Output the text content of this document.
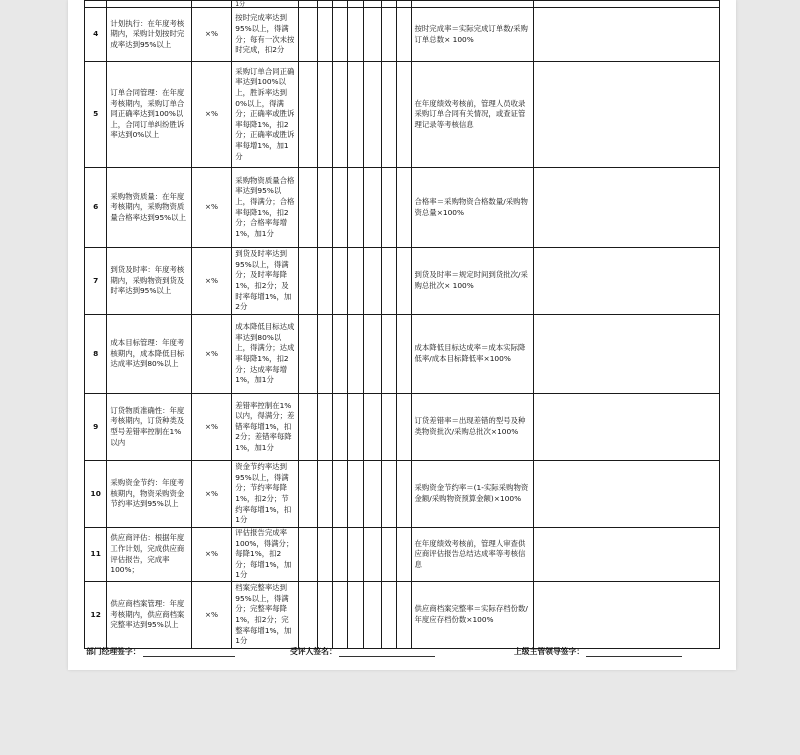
			1分									
4	计划执行：在年度考核期内，采购计划按时完成率达到95%以上	×%	按时完成率达到95%以上，得满分；每有一次未按时完成，扣2分								按时完成率＝实际完成订单数/采购订单总数× 100%	
5	订单合同管理：在年度考核期内，采购订单合同正确率达到100%以上，合同订单纠纷胜诉率达到0%以上	×%	采购订单合同正确率达到100%以上，胜诉率达到0%以上，得满分；正确率或胜诉率每降1%，扣2分；正确率或胜诉率每增1%，加1分								在年度绩效考核前，管理人员收录采购订单合同有关情况，或查证管理记录等考核信息	
6	采购物资质量：在年度考核期内，采购物资质量合格率达到95%以上	×%	采购物资质量合格率达到95%以上，得满分；合格率每降1%，扣2分；合格率每增1%，加1分								合格率＝采购物资合格数量/采购物资总量×100%	
7	到货及时率：年度考核期内，采购物资到货及时率达到95%以上	×%	到货及时率达到95%以上，得满分；及时率每降1%，扣2分；及时率每增1%，加2分								到货及时率＝规定时间到货批次/采购总批次× 100%	
8	成本目标管理：年度考核期内，成本降低目标达成率达到80%以上	×%	成本降低目标达成率达到80%以上，得满分；达成率每降1%，扣2分；达成率每增1%，加1分								成本降低目标达成率＝成本实际降低率/成本目标降低率×100%	
9	订货物质准确性：年度考核期内，订货种类及型号差错率控制在1%以内	×%	差错率控制在1%以内，得满分；差错率每增1%，扣2分；差错率每降1%，加1分								订货差错率＝出现差错的型号及种类物资批次/采购总批次×100%	
10	采购资金节约：年度考核期内，物资采购资金节约率达到95%以上	×%	资金节约率达到95%以上，得满分；节约率每降1%，扣2分；节约率每增1%，扣1分								采购资金节约率＝(1-实际采购物资金额/采购物资预算金额)×100%	
11	供应商评估：根据年度工作计划，完成供应商评估报告，完成率100%；	×%	评估报告完成率100%，得满分；每降1%，扣2分；每增1%，加1分								在年度绩效考核前，管理人审查供应商评估报告总结达成率等考核信息	
12	供应商档案管理：年度考核期内，供应商档案完整率达到95%以上	×%	档案完整率达到95%以上，得满分；完整率每降1%，扣2分；完整率每增1%，加1分								供应商档案完整率＝实际存档份数/年度应存档份数×100%	
部门经理签字：	受评人签名：	上级主管领导签字：
